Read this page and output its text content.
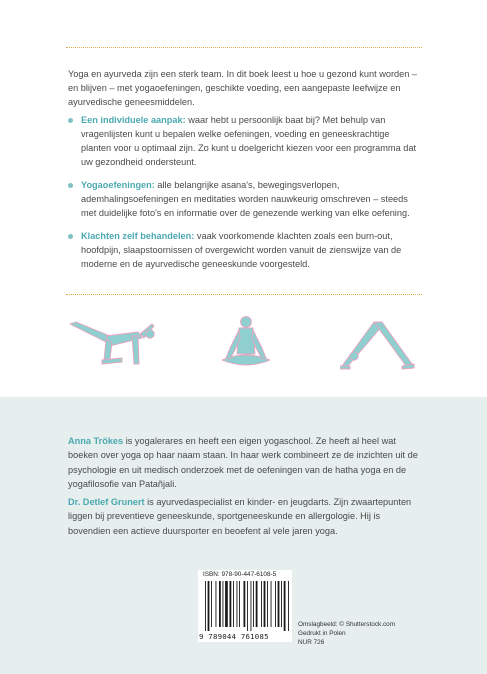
Yoga en ayurveda zijn een sterk team. In dit boek leest u hoe u gezond kunt worden – en blijven – met yogaoefeningen, geschikte voeding, een aangepaste leefwijze en ayurvedische geneesmiddelen.

Een individuele aanpak: waar hebt u persoonlijk baat bij? Met behulp van vragenlijsten kunt u bepalen welke oefeningen, voeding en geneeskrachtige planten voor u optimaal zijn. Zo kunt u doelgericht kiezen voor een programma dat uw gezondheid ondersteunt.
Yogaoefeningen: alle belangrijke asana's, bewegingsverlopen, ademhalingsoefeningen en meditaties worden nauwkeurig omschreven – steeds met duidelijke foto's en informatie over de genezende werking van elke oefening.
Klachten zelf behandelen: vaak voorkomende klachten zoals een burn-out, hoofdpijn, slaapstoornissen of overgewicht worden vanuit de zienswijze van de moderne en de ayurvedische geneeskunde voorgesteld.

Anna Trökes is yogalerares en heeft een eigen yogaschool. Ze heeft al heel wat boeken over yoga op haar naam staan. In haar werk combineert ze de inzichten uit de psychologie en uit medisch onderzoek met de oefeningen van de hatha yoga en de yogafilosofie van Patañjali.

Dr. Detlef Grunert is ayurvedaspecialist en kinder- en jeugdarts. Zijn zwaartepunten liggen bij preventieve geneeskunde, sportgeneeskunde en allergologie. Hij is bovendien een actieve duursporter en beoefent al vele jaren yoga.

ISBN: 978-90-447-6108-5
9 789044 761085
Omslagbeeld: © Shutterstock.com
Gedrukt in Polen
NUR 726
